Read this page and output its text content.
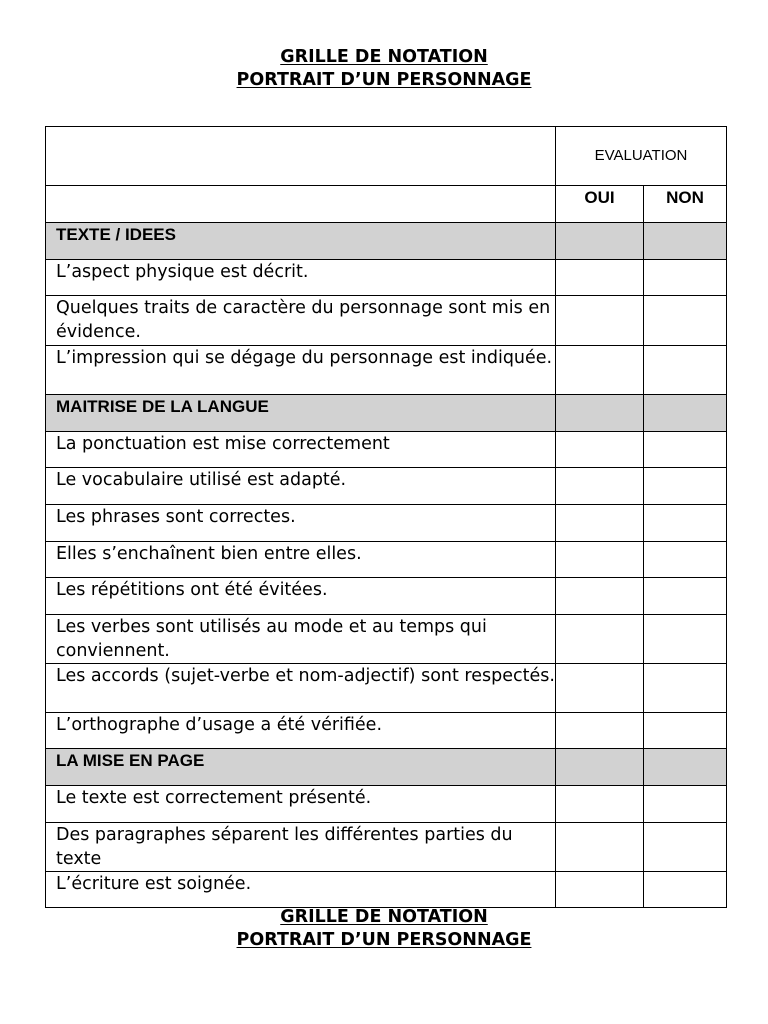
GRILLE DE NOTATION
PORTRAIT D’UN PERSONNAGE
	EVALUATION	
	OUI	NON
TEXTE / IDEES		
L’aspect physique est décrit.		
Quelques traits de caractère du personnage sont mis en évidence.		
L’impression qui se dégage du personnage est indiquée.		
MAITRISE DE LA LANGUE		
La ponctuation est mise correctement		
Le vocabulaire utilisé est adapté.		
Les phrases sont correctes.		
Elles s’enchaînent bien entre elles.		
Les répétitions ont été évitées.		
Les verbes sont utilisés au mode et au temps qui conviennent.		
Les accords (sujet-verbe et nom-adjectif) sont respectés.		
L’orthographe d’usage a été vérifiée.		
LA MISE EN PAGE		
Le texte est correctement présenté.		
Des paragraphes séparent les différentes parties du texte		
L’écriture est soignée.		
GRILLE DE NOTATION
PORTRAIT D’UN PERSONNAGE
